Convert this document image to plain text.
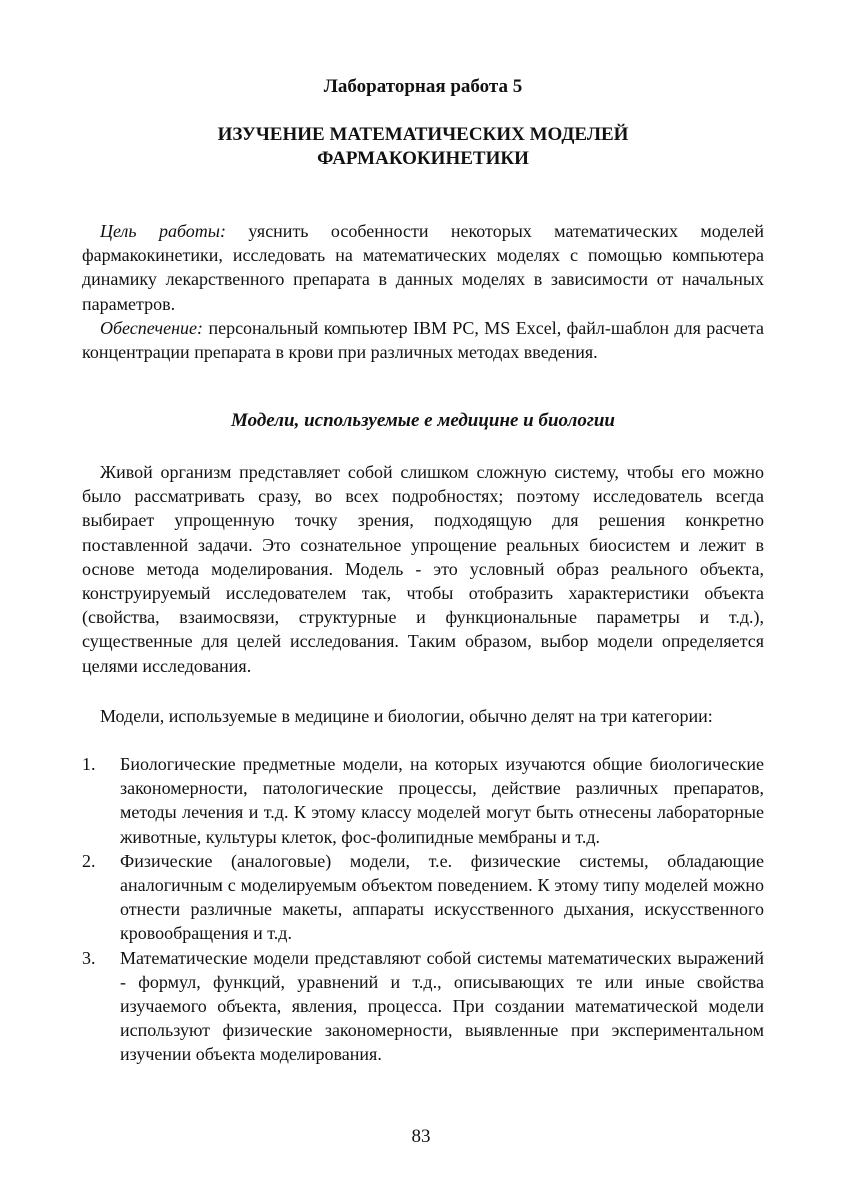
Лабораторная работа 5

ИЗУЧЕНИЕ МАТЕМАТИЧЕСКИХ МОДЕЛЕЙ
ФАРМАКОКИНЕТИКИ

Цель работы: уяснить особенности некоторых математических моделей фармакокинетики, исследовать на математических моделях с помощью компьютера динамику лекарственного препарата в данных моделях в зависимости от начальных параметров.

Обеспечение: персональный компьютер IBM PC, MS Excel, файл-шаблон для расчета концентрации препарата в крови при различных методах введения.

Модели, используемые е медицине и биологии

Живой организм представляет собой слишком сложную систему, чтобы его можно было рассматривать сразу, во всех подробностях; поэтому исследователь всегда выбирает упрощенную точку зрения, подходящую для решения конкретно поставленной задачи. Это сознательное упрощение реальных биосистем и лежит в основе метода моделирования. Модель - это условный образ реального объекта, конструируемый исследователем так, чтобы отобразить характеристики объекта (свойства, взаимосвязи, структурные и функциональные параметры и т.д.), существенные для целей исследования. Таким образом, выбор модели определяется целями исследования.

Модели, используемые в медицине и биологии, обычно делят на три категории:

1. Биологические предметные модели, на которых изучаются общие биологические закономерности, патологические процессы, действие различных препаратов, методы лечения и т.д. К этому классу моделей могут быть отнесены лабораторные животные, культуры клеток, фос-фолипидные мембраны и т.д.
2. Физические (аналоговые) модели, т.е. физические системы, обладающие аналогичным с моделируемым объектом поведением. К этому типу моделей можно отнести различные макеты, аппараты искусственного дыхания, искусственного кровообращения и т.д.
3. Математические модели представляют собой системы математических выражений - формул, функций, уравнений и т.д., описывающих те или иные свойства изучаемого объекта, явления, процесса. При создании математической модели используют физические закономерности, выявленные при экспериментальном изучении объекта моделирования.
83
